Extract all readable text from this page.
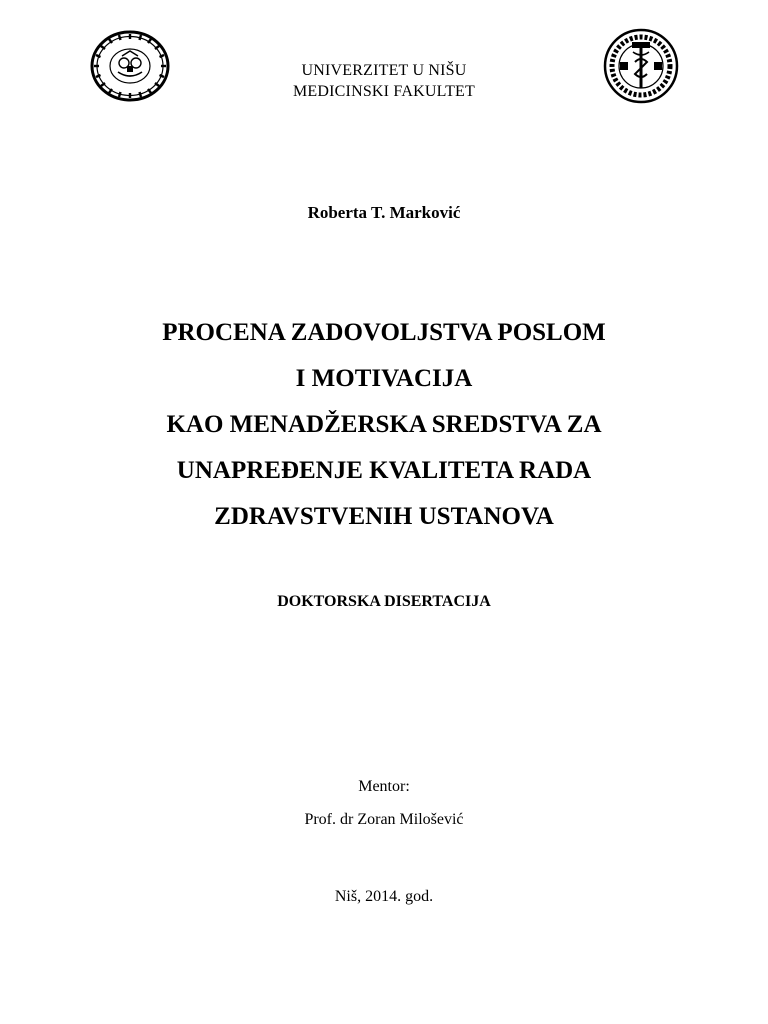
UNIVERZITET U NIŠU
MEDICINSKI FAKULTET
Roberta T. Marković
PROCENA ZADOVOLJSTVA POSLOM
I MOTIVACIJA
KAO MENADŽERSKA SREDSTVA ZA
UNAPREĐENJE KVALITETA RADA
ZDRAVSTVENIH USTANOVA
DOKTORSKA DISERTACIJA
Mentor:
Prof. dr Zoran Milošević
Niš, 2014. god.
